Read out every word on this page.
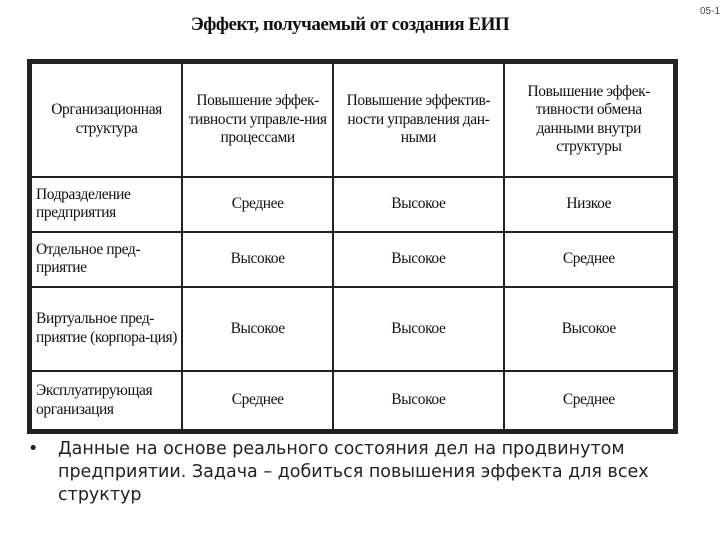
05-1
Эффект, получаемый от создания ЕИП
Организационная структура	Повышение эффек-тивности управле-ния процессами	Повышение эффектив-ности управления дан-ными	Повышение эффек-тивности обмена данными внутри структуры
Подразделение предприятия	Среднее	Высокое	Низкое
Отдельное пред-приятие	Высокое	Высокое	Среднее
Виртуальное пред-приятие (корпора-ция)	Высокое	Высокое	Высокое
Эксплуатирующая организация	Среднее	Высокое	Среднее
• Данные на основе реального состояния дел на продвинутом предприятии. Задача – добиться повышения эффекта для всех структур
